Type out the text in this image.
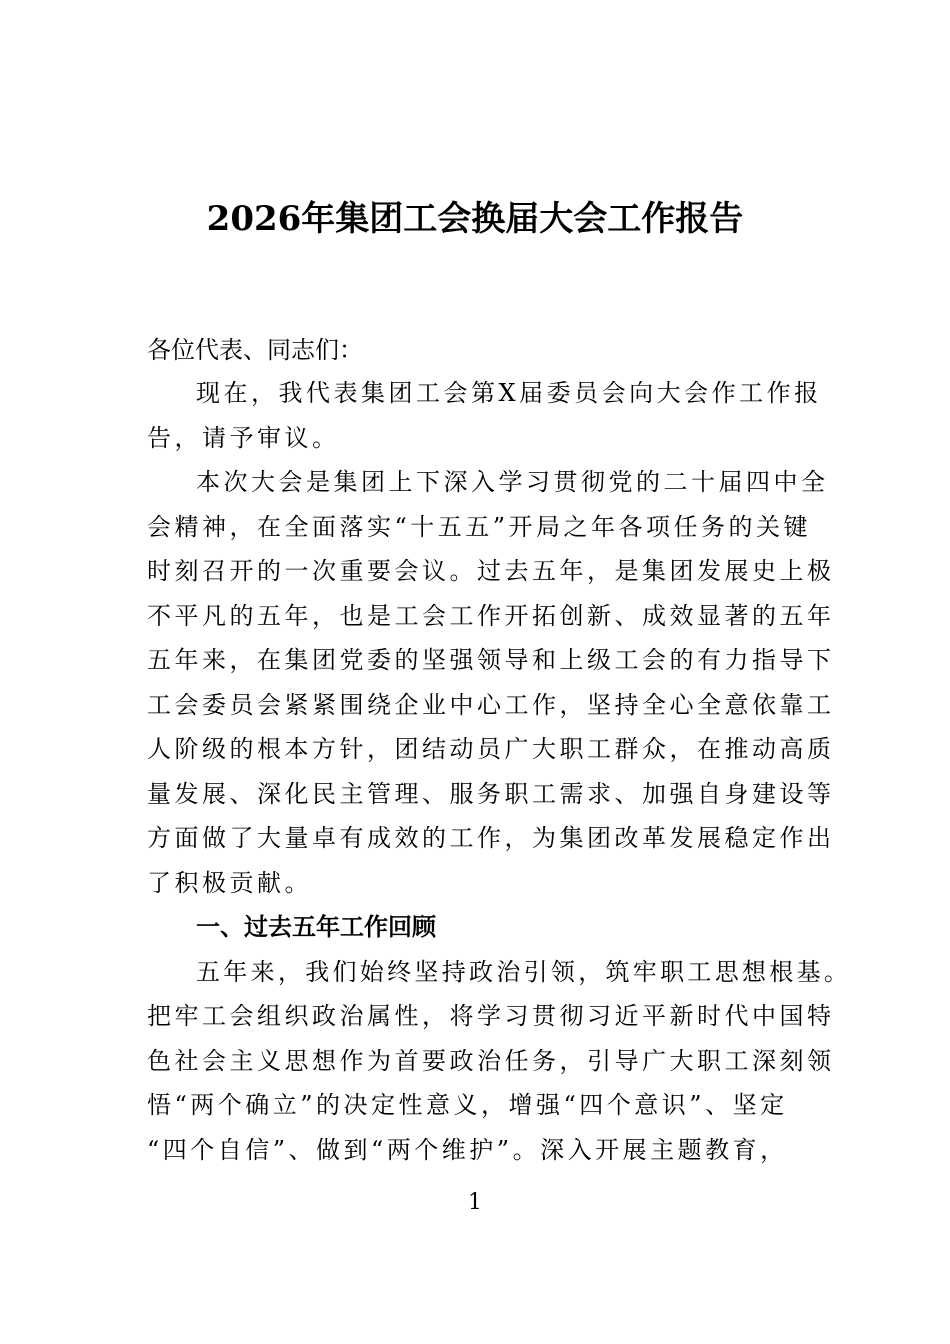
2026年集团工会换届大会工作报告
各位代表、同志们：
现在，我代表集团工会第X届委员会向大会作工作报
告，请予审议。
本次大会是集团上下深入学习贯彻党的二十届四中全
会精神，在全面落实“十五五”开局之年各项任务的关键
时刻召开的一次重要会议。过去五年，是集团发展史上极
不平凡的五年，也是工会工作开拓创新、成效显著的五年
五年来，在集团党委的坚强领导和上级工会的有力指导下
工会委员会紧紧围绕企业中心工作，坚持全心全意依靠工
人阶级的根本方针，团结动员广大职工群众，在推动高质
量发展、深化民主管理、服务职工需求、加强自身建设等
方面做了大量卓有成效的工作，为集团改革发展稳定作出
了积极贡献。
一、过去五年工作回顾
五年来，我们始终坚持政治引领，筑牢职工思想根基。
把牢工会组织政治属性，将学习贯彻习近平新时代中国特
色社会主义思想作为首要政治任务，引导广大职工深刻领
悟“两个确立”的决定性意义，增强“四个意识”、坚定
“四个自信”、做到“两个维护”。深入开展主题教育，
1
